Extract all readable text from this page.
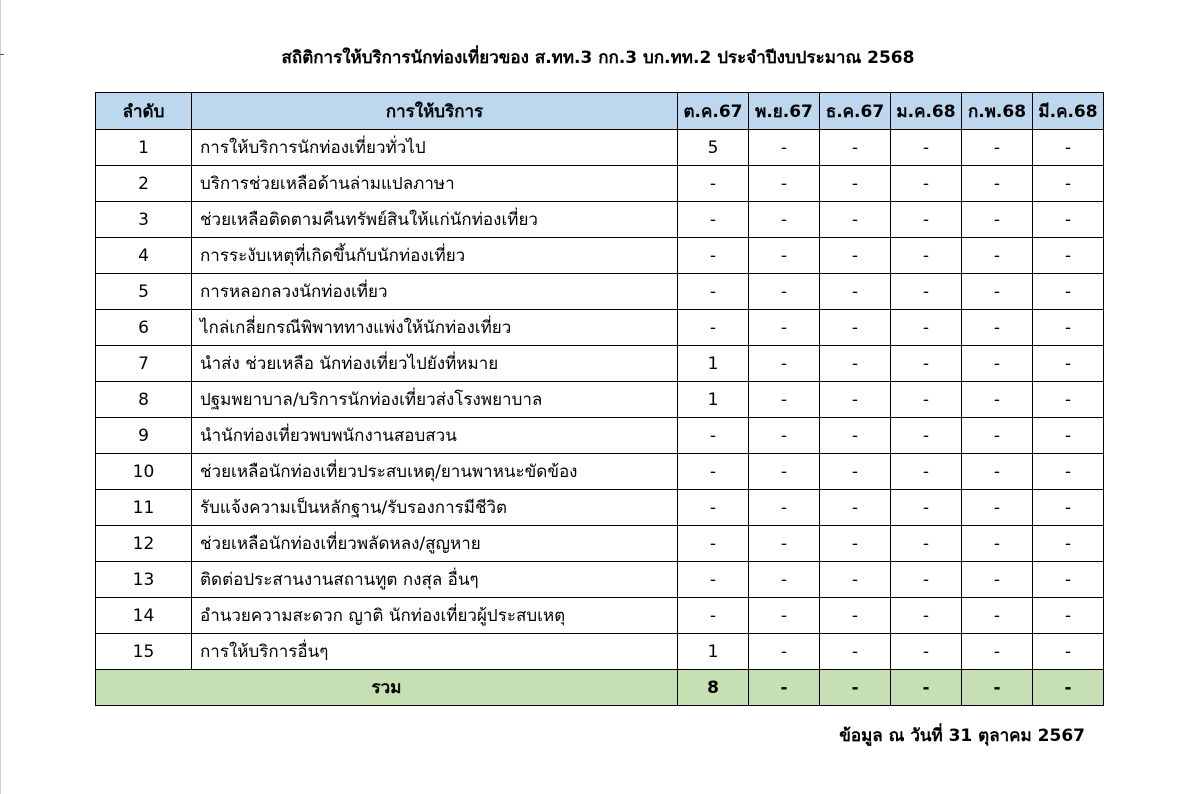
สถิติการให้บริการนักท่องเที่ยวของ ส.ทท.3 กก.3 บก.ทท.2 ประจำปีงบประมาณ 2568
ลำดับ	การให้บริการ	ต.ค.67	พ.ย.67	ธ.ค.67	ม.ค.68	ก.พ.68	มี.ค.68
1	การให้บริการนักท่องเที่ยวทั่วไป	5	-	-	-	-	-
2	บริการช่วยเหลือด้านล่ามแปลภาษา	-	-	-	-	-	-
3	ช่วยเหลือติดตามคืนทรัพย์สินให้แก่นักท่องเที่ยว	-	-	-	-	-	-
4	การระงับเหตุที่เกิดขึ้นกับนักท่องเที่ยว	-	-	-	-	-	-
5	การหลอกลวงนักท่องเที่ยว	-	-	-	-	-	-
6	ไกล่เกลี่ยกรณีพิพาททางแพ่งให้นักท่องเที่ยว	-	-	-	-	-	-
7	นำส่ง ช่วยเหลือ นักท่องเที่ยวไปยังที่หมาย	1	-	-	-	-	-
8	ปฐมพยาบาล/บริการนักท่องเที่ยวส่งโรงพยาบาล	1	-	-	-	-	-
9	นำนักท่องเที่ยวพบพนักงานสอบสวน	-	-	-	-	-	-
10	ช่วยเหลือนักท่องเที่ยวประสบเหตุ/ยานพาหนะขัดข้อง	-	-	-	-	-	-
11	รับแจ้งความเป็นหลักฐาน/รับรองการมีชีวิต	-	-	-	-	-	-
12	ช่วยเหลือนักท่องเที่ยวพลัดหลง/สูญหาย	-	-	-	-	-	-
13	ติดต่อประสานงานสถานทูต กงสุล อื่นๆ	-	-	-	-	-	-
14	อำนวยความสะดวก ญาติ นักท่องเที่ยวผู้ประสบเหตุ	-	-	-	-	-	-
15	การให้บริการอื่นๆ	1	-	-	-	-	-
รวม		8	-	-	-	-	-
ข้อมูล ณ วันที่ 31 ตุลาคม 2567
